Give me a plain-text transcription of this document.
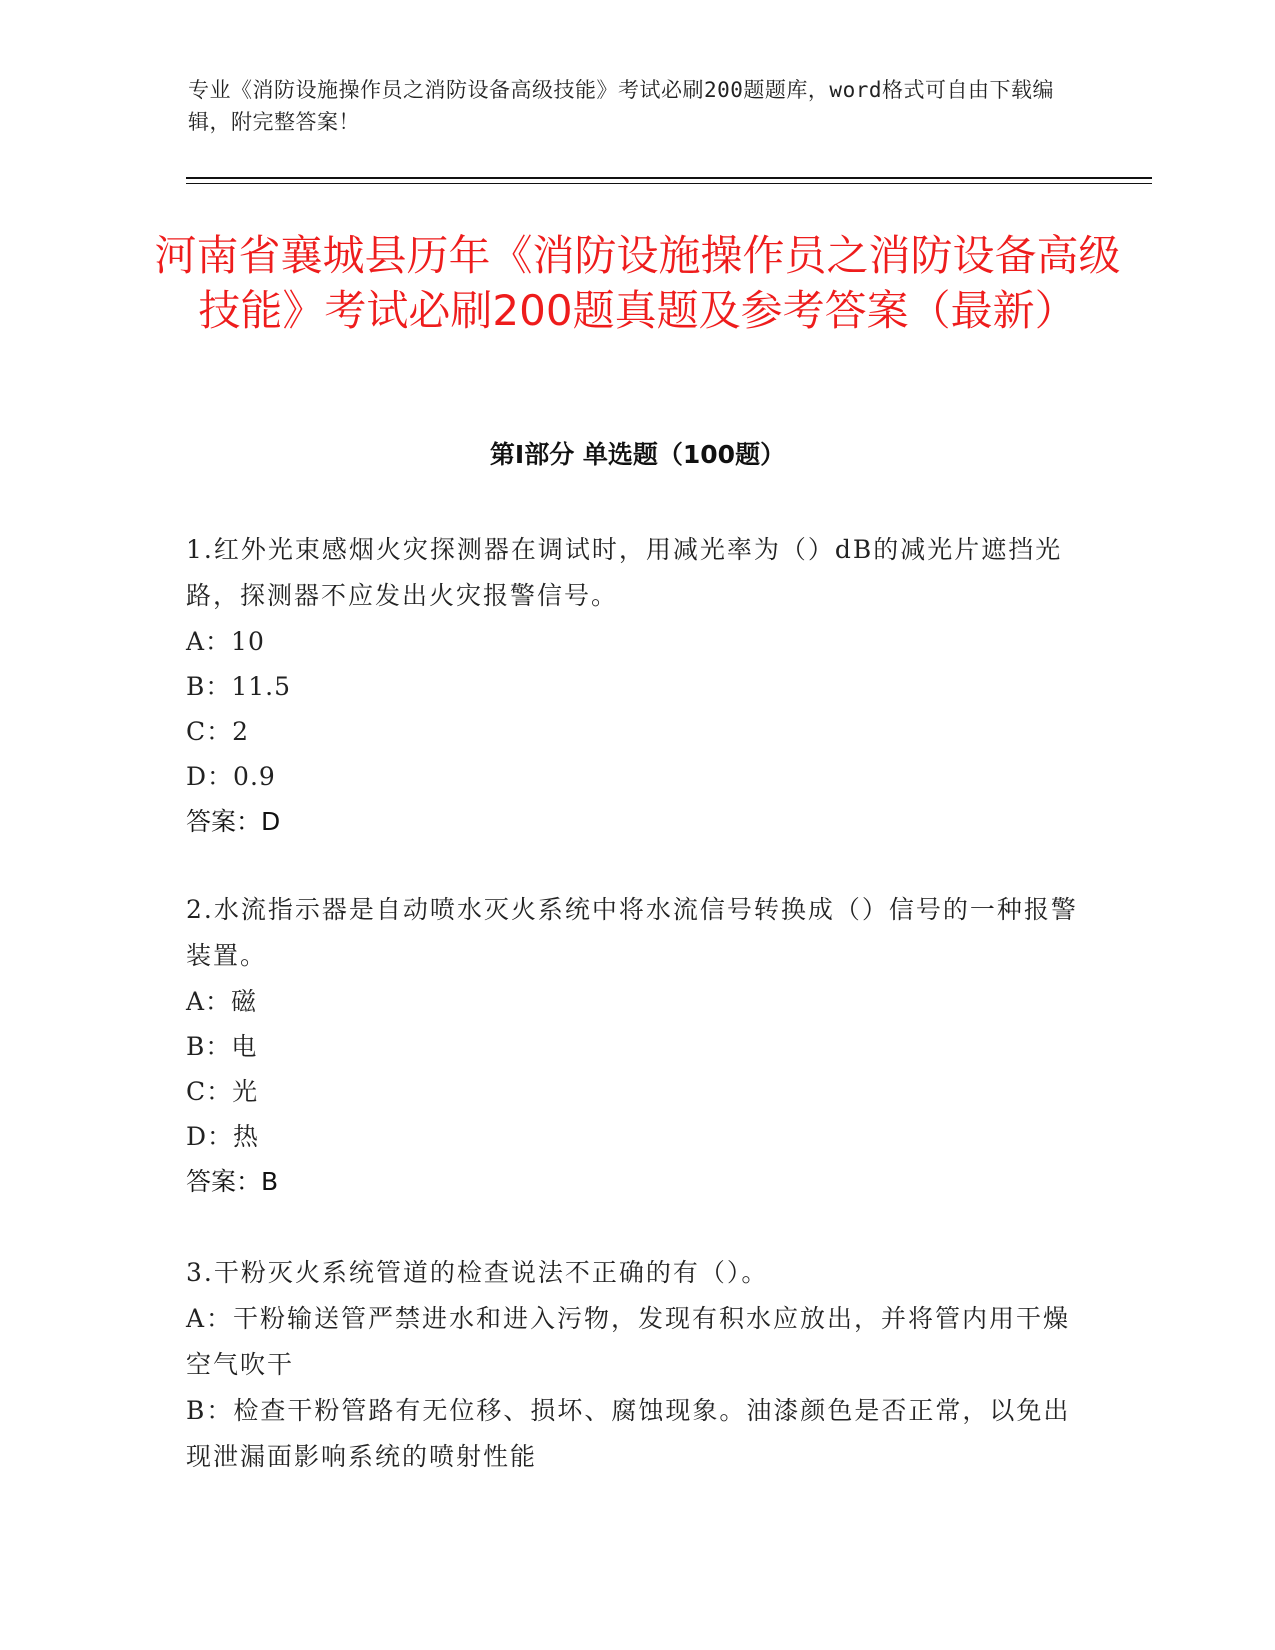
专业《消防设施操作员之消防设备高级技能》考试必刷200题题库，word格式可自由下载编辑，附完整答案！
河南省襄城县历年《消防设施操作员之消防设备高级技能》考试必刷200题真题及参考答案（最新）
第Ⅰ部分 单选题（100题）
1.红外光束感烟火灾探测器在调试时，用减光率为（）dB的减光片遮挡光路，探测器不应发出火灾报警信号。
A：10
B：11.5
C：2
D：0.9
答案：D
2.水流指示器是自动喷水灭火系统中将水流信号转换成（）信号的一种报警装置。
A：磁
B：电
C：光
D：热
答案：B
3.干粉灭火系统管道的检查说法不正确的有（）。
A：干粉输送管严禁进水和进入污物，发现有积水应放出，并将管内用干燥空气吹干
B：检查干粉管路有无位移、损坏、腐蚀现象。油漆颜色是否正常，以免出现泄漏面影响系统的喷射性能
